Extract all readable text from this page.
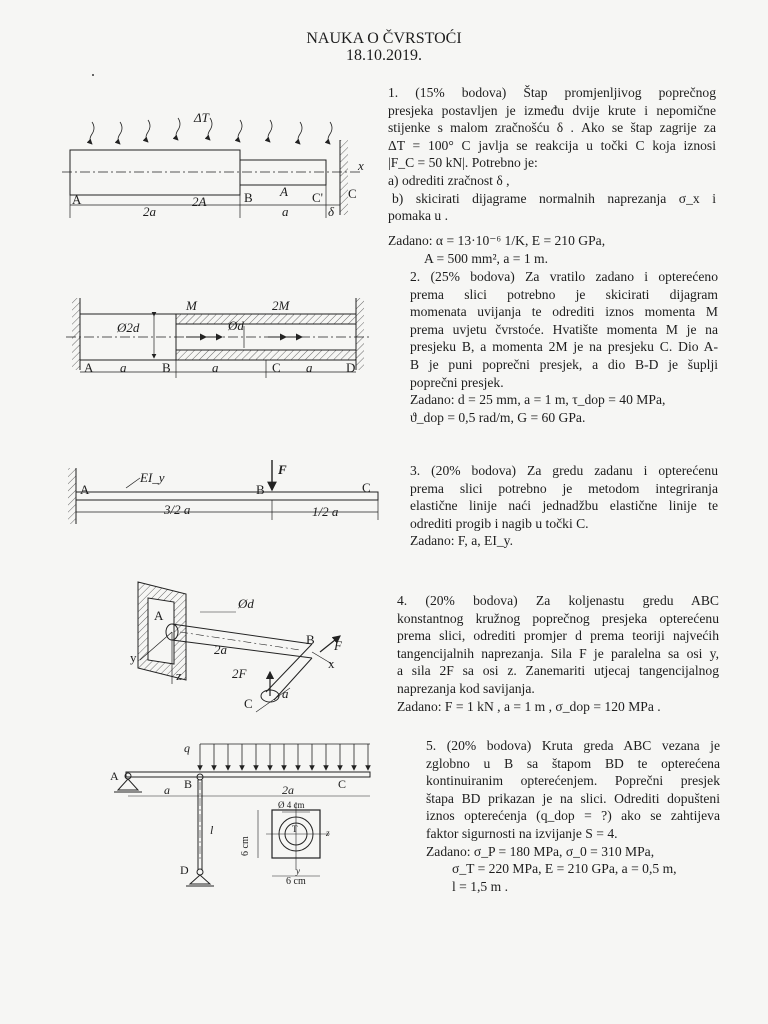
NAUKA O ČVRSTOĆI
18.10.2019.
1. (15% bodova) Štap promjenljivog poprečnog
presjeka postavljen je između dvije krute i nepomične
stijenke s malom zračnošću δ . Ako se štap zagrije za
ΔT = 100° C javlja se reakcija u točki C koja iznosi
|F_C = 50 kN|. Potrebno je:
a) odrediti zračnost δ ,
b) skicirati dijagrame normalnih naprezanja σ_x i
pomaka u .
Zadano: α = 13·10⁻⁶ 1/K, E = 210 GPa,
A = 500 mm², a = 1 m.
2. (25% bodova) Za vratilo zadano i opterećeno
prema slici potrebno je skicirati dijagram
momenata uvijanja te odrediti iznos momenta M
prema uvjetu čvrstoće. Hvatište momenta M je na
presjeku B, a momenta 2M je na presjeku C. Dio A-
B je puni poprečni presjek, a dio B-D je šuplji
poprečni presjek.
Zadano: d = 25 mm, a = 1 m, τ_dop = 40 MPa,
ϑ_dop = 0,5 rad/m, G = 60 GPa.
3. (20% bodova) Za gredu zadanu i opterećenu
prema slici potrebno je metodom integriranja
elastične linije naći jednadžbu elastične linije te
odrediti progib i nagib u točki C.
Zadano: F, a, EI_y.
4. (20% bodova) Za koljenastu gredu ABC
konstantnog kružnog poprečnog presjeka opterećenu
prema slici, odrediti promjer d prema teoriji najvećih
tangencijalnih naprezanja. Sila F je paralelna sa osi y,
a sila 2F sa osi z. Zanemariti utjecaj tangencijalnog
naprezanja kod savijanja.
Zadano: F = 1 kN , a = 1 m , σ_dop = 120 MPa .
5. (20% bodova) Kruta greda ABC vezana je
zglobno u B sa štapom BD te opterećena
kontinuiranim opterećenjem. Poprečni presjek
štapa BD prikazan je na slici. Odrediti dopušteni
iznos opterećenja (q_dop = ?) ako se zahtijeva
faktor sigurnosti na izvijanje S = 4.
Zadano: σ_P = 180 MPa, σ_0 = 310 MPa,
σ_T = 220 MPa, E = 210 GPa, a = 0,5 m,
l = 1,5 m .
ΔT
A
2a
2A	B A C' C
a	δ
x
M	2M
Ø2d	Ød
A a	B	a	C a	D
A
EI_y
F
B	C
3/2 a	1/2 a
Ød
A
2a
B F
y	x
z	2F
a
C
q
A
B
a	2a	C
l
D
Ø 4 cm
T	z
6 cm
y
6 cm
